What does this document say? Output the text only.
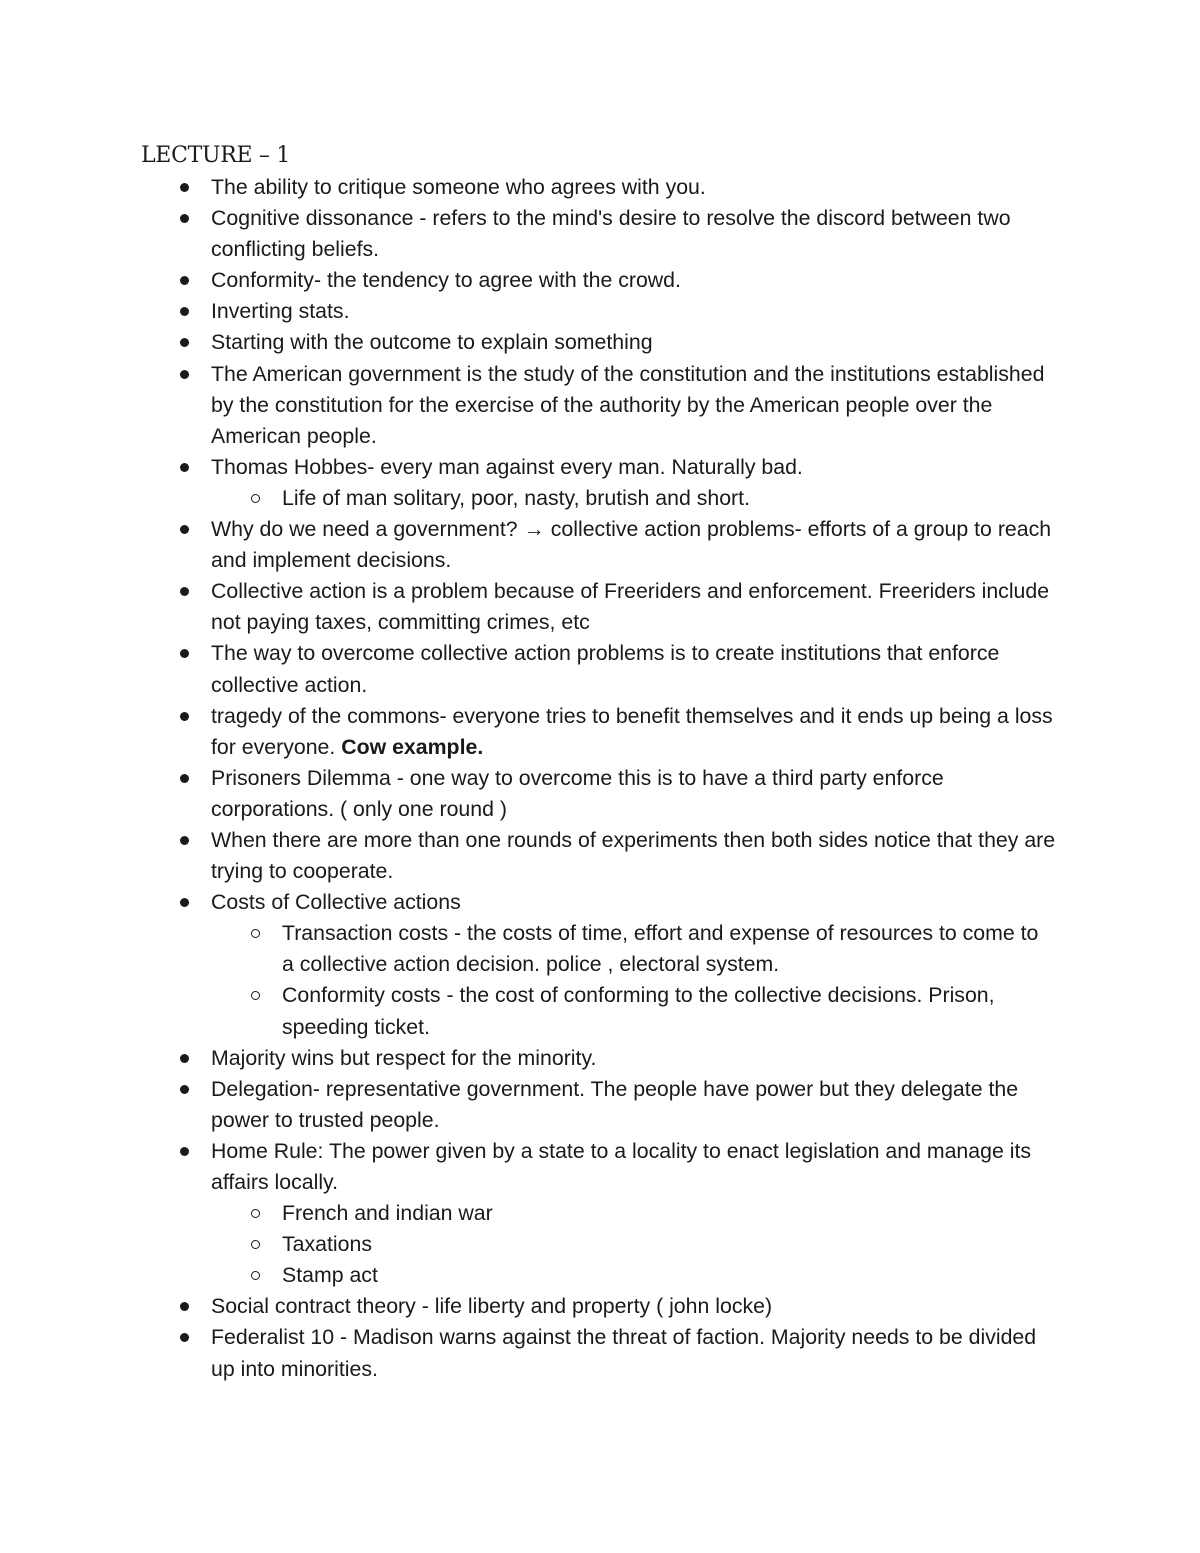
LECTURE – 1
The ability to critique someone who agrees with you.
Cognitive dissonance - refers to the mind's desire to resolve the discord between two conflicting beliefs.
Conformity- the tendency to agree with the crowd.
Inverting stats.
Starting with the outcome to explain something
The American government is the study of the constitution and the institutions established by the constitution for the exercise of the authority by the American people over the American people.
Thomas Hobbes- every man against every man. Naturally bad.
Life of man solitary, poor, nasty, brutish and short.
Why do we need a government? → collective action problems- efforts of a group to reach and implement decisions.
Collective action is a problem because of Freeriders and enforcement. Freeriders include not paying taxes, committing crimes, etc
The way to overcome collective action problems is to create institutions that enforce collective action.
tragedy of the commons- everyone tries to benefit themselves and it ends up being a loss for everyone. Cow example.
Prisoners Dilemma - one way to overcome this is to have a third party enforce corporations. ( only one round )
When there are more than one rounds of experiments then both sides notice that they are trying to cooperate.
Costs of Collective actions
Transaction costs - the costs of time, effort and expense of resources to come to a collective action decision. police , electoral system.
Conformity costs - the cost of conforming to the collective decisions. Prison, speeding ticket.
Majority wins but respect for the minority.
Delegation- representative government. The people have power but they delegate the power to trusted people.
Home Rule: The power given by a state to a locality to enact legislation and manage its affairs locally.
French and indian war
Taxations
Stamp act
Social contract theory - life liberty and property ( john locke)
Federalist 10 - Madison warns against the threat of faction. Majority needs to be divided up into minorities.
